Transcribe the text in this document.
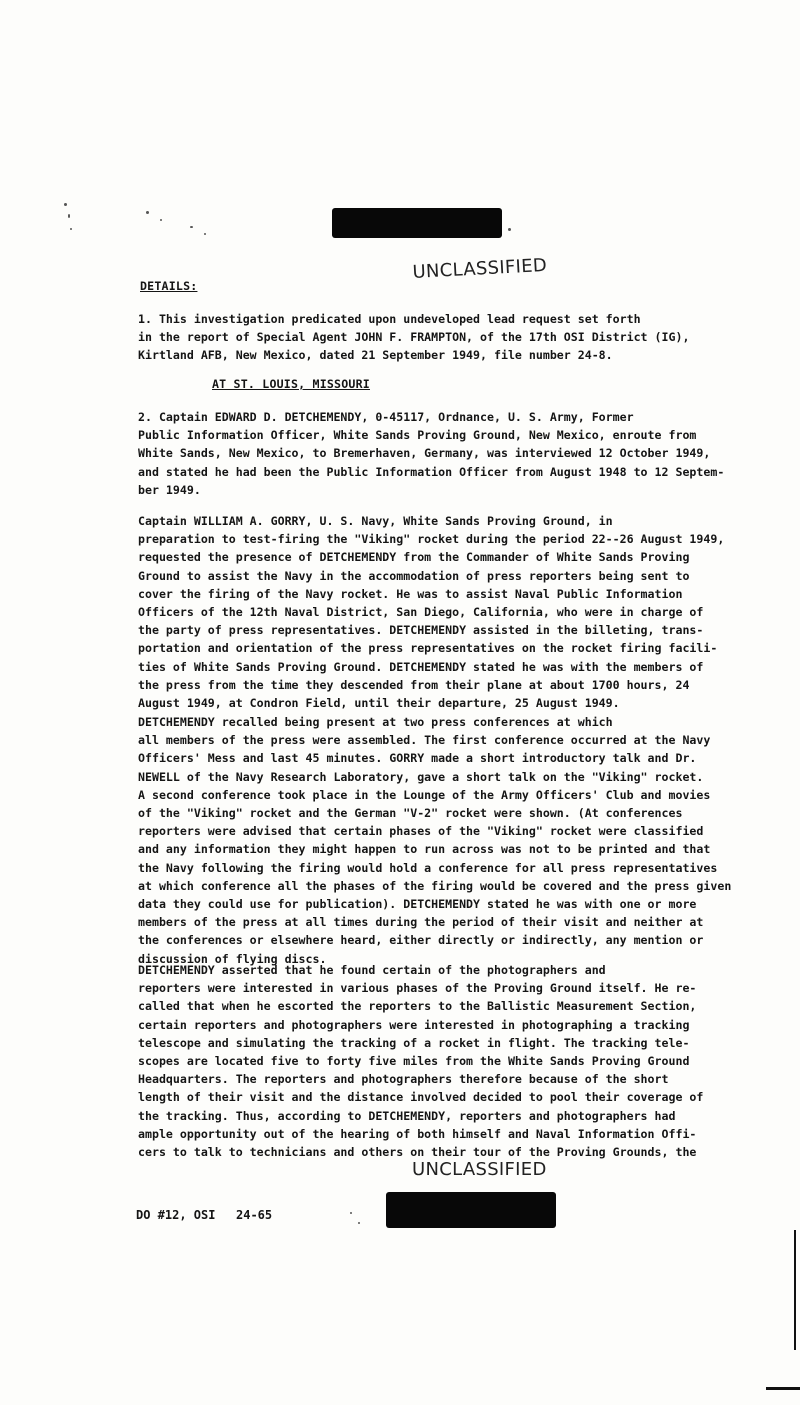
UNCLASSIFIED
DETAILS:
1. This investigation predicated upon undeveloped lead request set forth
in the report of Special Agent JOHN F. FRAMPTON, of the 17th OSI District (IG),
Kirtland AFB, New Mexico, dated 21 September 1949, file number 24-8.
AT ST. LOUIS, MISSOURI
2. Captain EDWARD D. DETCHEMENDY, 0-45117, Ordnance, U. S. Army, Former
Public Information Officer, White Sands Proving Ground, New Mexico, enroute from
White Sands, New Mexico, to Bremerhaven, Germany, was interviewed 12 October 1949,
and stated he had been the Public Information Officer from August 1948 to 12 Septem-
ber 1949.
Captain WILLIAM A. GORRY, U. S. Navy, White Sands Proving Ground, in
preparation to test-firing the "Viking" rocket during the period 22--26 August 1949,
requested the presence of DETCHEMENDY from the Commander of White Sands Proving
Ground to assist the Navy in the accommodation of press reporters being sent to
cover the firing of the Navy rocket. He was to assist Naval Public Information
Officers of the 12th Naval District, San Diego, California, who were in charge of
the party of press representatives. DETCHEMENDY assisted in the billeting, trans-
portation and orientation of the press representatives on the rocket firing facili-
ties of White Sands Proving Ground. DETCHEMENDY stated he was with the members of
the press from the time they descended from their plane at about 1700 hours, 24
August 1949, at Condron Field, until their departure, 25 August 1949.
DETCHEMENDY recalled being present at two press conferences at which
all members of the press were assembled. The first conference occurred at the Navy
Officers' Mess and last 45 minutes. GORRY made a short introductory talk and Dr.
NEWELL of the Navy Research Laboratory, gave a short talk on the "Viking" rocket.
A second conference took place in the Lounge of the Army Officers' Club and movies
of the "Viking" rocket and the German "V-2" rocket were shown. (At conferences
reporters were advised that certain phases of the "Viking" rocket were classified
and any information they might happen to run across was not to be printed and that
the Navy following the firing would hold a conference for all press representatives
at which conference all the phases of the firing would be covered and the press given
data they could use for publication). DETCHEMENDY stated he was with one or more
members of the press at all times during the period of their visit and neither at
the conferences or elsewhere heard, either directly or indirectly, any mention or
discussion of flying discs.
DETCHEMENDY asserted that he found certain of the photographers and
reporters were interested in various phases of the Proving Ground itself. He re-
called that when he escorted the reporters to the Ballistic Measurement Section,
certain reporters and photographers were interested in photographing a tracking
telescope and simulating the tracking of a rocket in flight. The tracking tele-
scopes are located five to forty five miles from the White Sands Proving Ground
Headquarters. The reporters and photographers therefore because of the short
length of their visit and the distance involved decided to pool their coverage of
the tracking. Thus, according to DETCHEMENDY, reporters and photographers had
ample opportunity out of the hearing of both himself and Naval Information Offi-
cers to talk to technicians and others on their tour of the Proving Grounds, the
UNCLASSIFIED
DO #12, OSI 24-65
